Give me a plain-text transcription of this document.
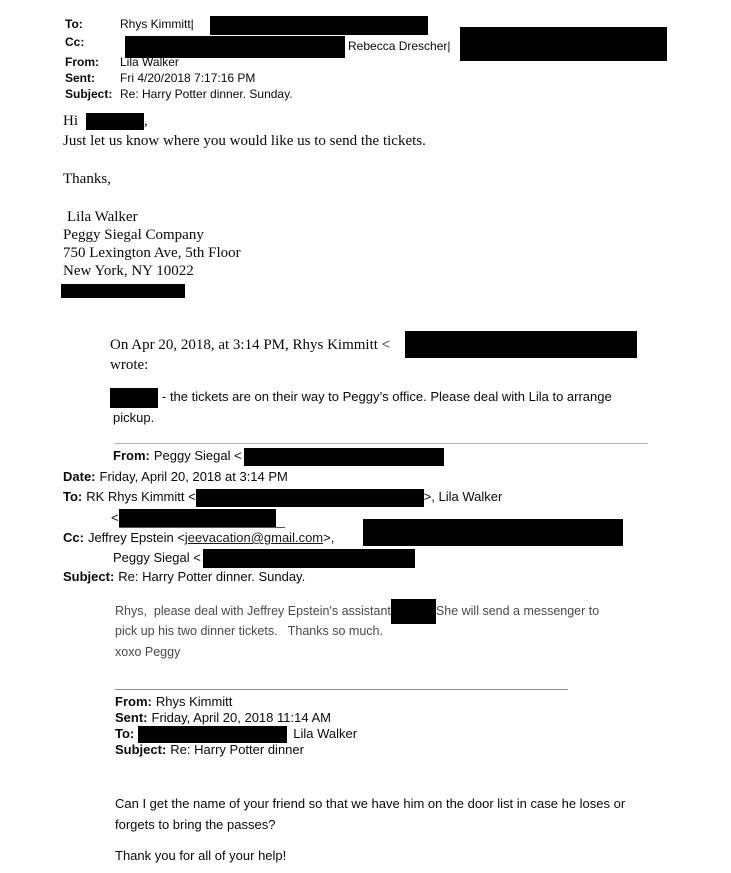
To:	Rhys Kimmitt|
Cc:	Rebecca Drescher|
From: Lila Walker
Sent: Fri 4/20/2018 7:17:16 PM
Subject: Re: Harry Potter dinner. Sunday.
Hi	,
Just let us know where you would like us to send the tickets.
Thanks,
Lila Walker
Peggy Siegal Company
750 Lexington Ave, 5th Floor
New York, NY 10022
On Apr 20, 2018, at 3:14 PM, Rhys Kimmitt <
wrote:
- the tickets are on their way to Peggy’s office. Please deal with Lila to arrange
pickup.
From: Peggy Siegal <
Date: Friday, April 20, 2018 at 3:14 PM
To: RK Rhys Kimmitt <	>, Lila Walker
<
Cc: Jeffrey Epstein <jeevacation@gmail.com>,
Peggy Siegal <
Subject: Re: Harry Potter dinner. Sunday.
Rhys,  please deal with Jeffrey Epstein's assistant	She will send a messenger to
pick up his two dinner tickets.   Thanks so much.
xoxo Peggy
From: Rhys Kimmitt
Sent: Friday, April 20, 2018 11:14 AM
To:	Lila Walker
Subject: Re: Harry Potter dinner
Can I get the name of your friend so that we have him on the door list in case he loses or
forgets to bring the passes?
Thank you for all of your help!
